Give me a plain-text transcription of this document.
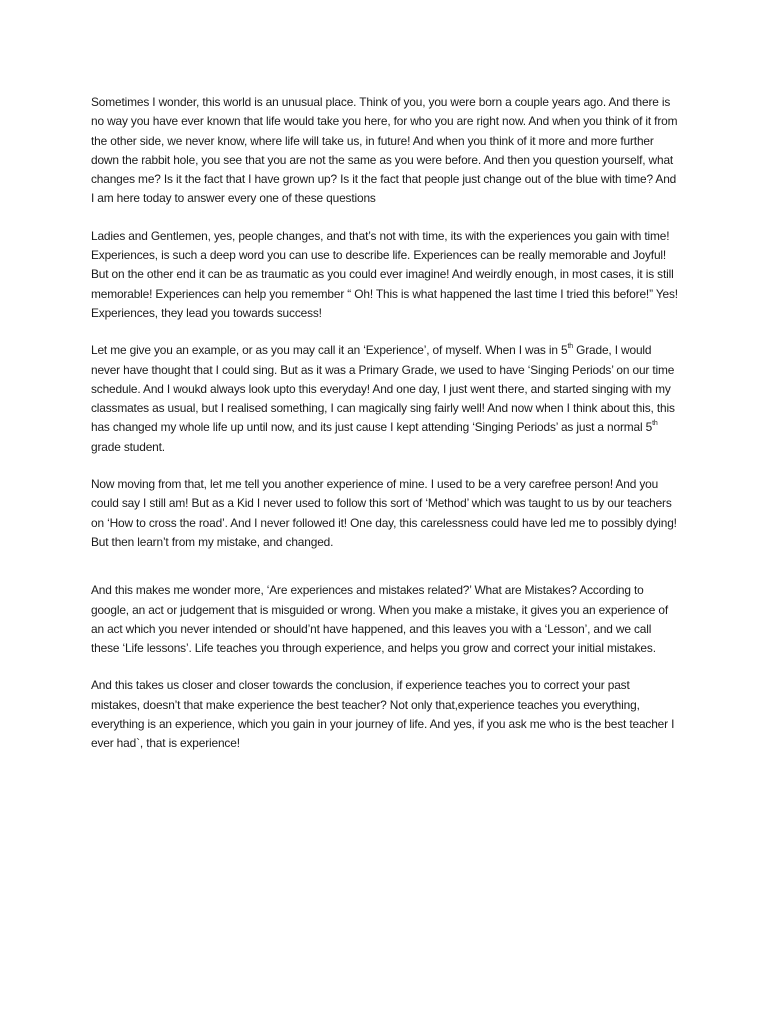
Sometimes I wonder, this world is an unusual place. Think of you, you were born a couple years ago. And there is no way you have ever known that life would take you here, for who you are right now. And when you think of it from the other side, we never know, where life will take us, in future! And when you think of it more and more further down the rabbit hole, you see that you are not the same as you were before. And then you question yourself, what changes me? Is it the fact that I have grown up? Is it the fact that people just change out of the blue with time? And I am here today to answer every one of these questions

Ladies and Gentlemen, yes, people changes, and that’s not with time, its with the experiences you gain with time! Experiences, is such a deep word you can use to describe life. Experiences can be really memorable and Joyful! But on the other end it can be as traumatic as you could ever imagine! And weirdly enough, in most cases, it is still memorable! Experiences can help you remember “ Oh! This is what happened the last time I tried this before!” Yes! Experiences, they lead you towards success!

Let me give you an example, or as you may call it an ‘Experience’, of myself. When I was in 5th Grade, I would never have thought that I could sing. But as it was a Primary Grade, we used to have ‘Singing Periods’ on our time schedule. And I woukd always look upto this everyday! And one day, I just went there, and started singing with my classmates as usual, but I realised something, I can magically sing fairly well! And now when I think about this, this has changed my whole life up until now, and its just cause I kept attending ‘Singing Periods’ as just a normal 5th grade student.

Now moving from that, let me tell you another experience of mine. I used to be a very carefree person! And you could say I still am! But as a Kid I never used to follow this sort of ‘Method’ which was taught to us by our teachers on ‘How to cross the road’. And I never followed it! One day, this carelessness could have led me to possibly dying! But then learn’t from my mistake, and changed.

And this makes me wonder more, ‘Are experiences and mistakes related?’ What are Mistakes? According to google, an act or judgement that is misguided or wrong. When you make a mistake, it gives you an experience of an act which you never intended or should’nt have happened, and this leaves you with a ‘Lesson’, and we call these ‘Life lessons’. Life teaches you through experience, and helps you grow and correct your initial mistakes.

And this takes us closer and closer towards the conclusion, if experience teaches you to correct your past mistakes, doesn’t that make experience the best teacher? Not only that,experience teaches you everything, everything is an experience, which you gain in your journey of life. And yes, if you ask me who is the best teacher I ever had`, that is experience!
